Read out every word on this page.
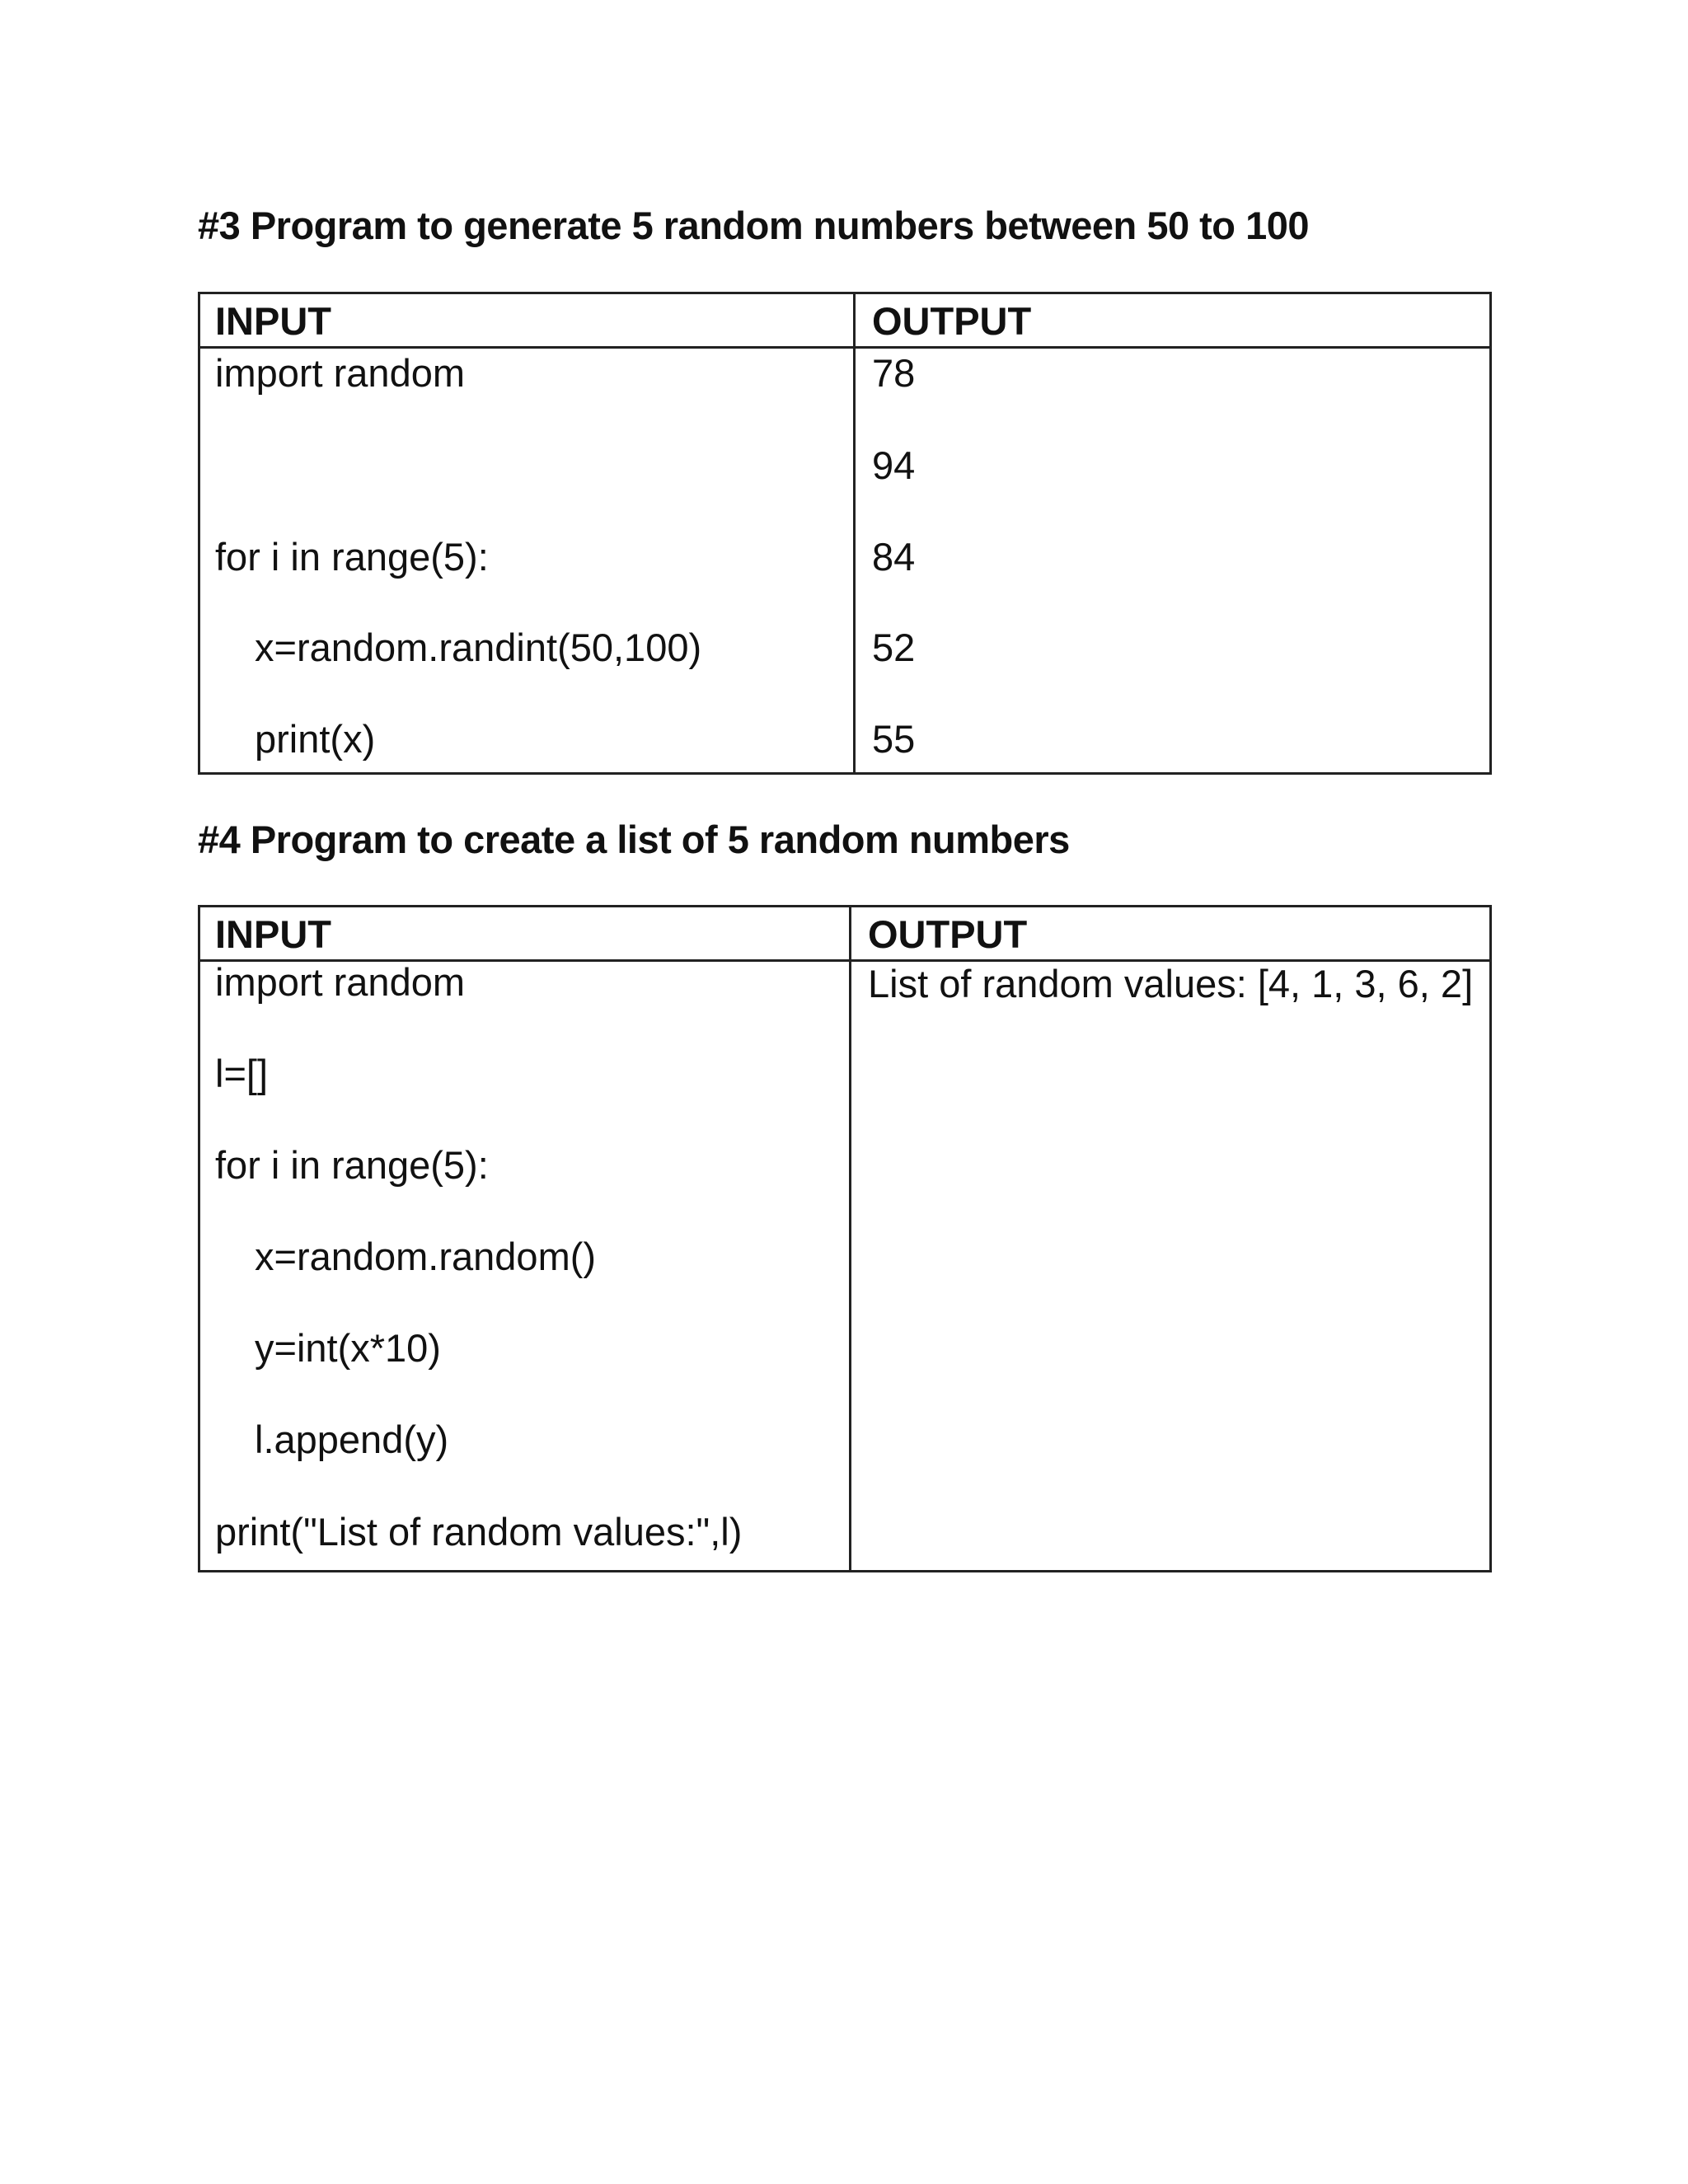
#3 Program to generate 5 random numbers between 50 to 100
INPUT	OUTPUT
import random
for i in range(5):
x=random.randint(50,100)
print(x)
78
94
84
52
55
#4 Program to create a list of 5 random numbers
INPUT	OUTPUT
import random
l=[]
for i in range(5):
x=random.random()
y=int(x*10)
l.append(y)
print("List of random values:",l)
List of random values: [4, 1, 3, 6, 2]
